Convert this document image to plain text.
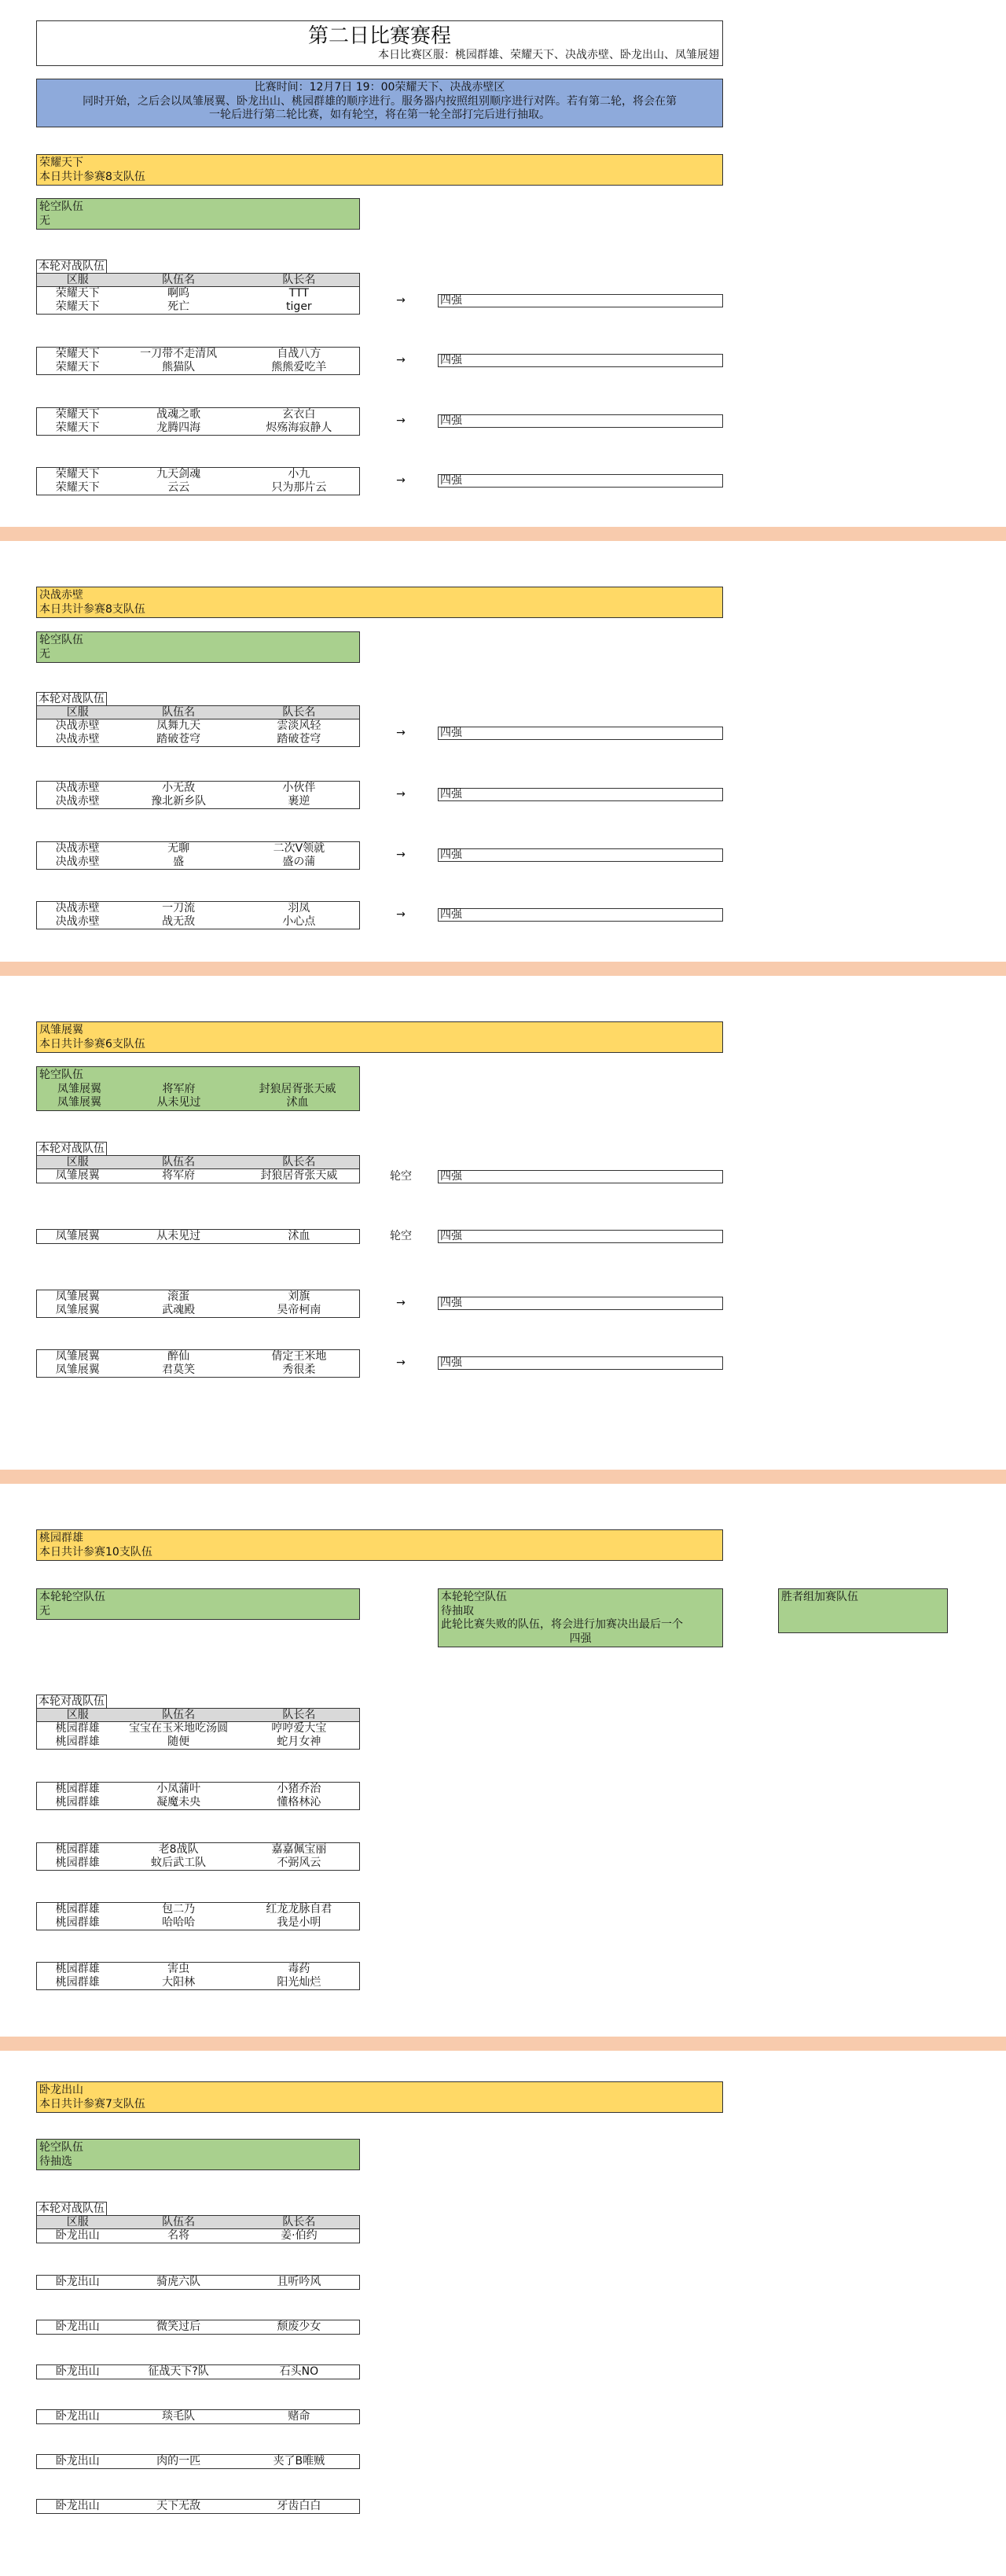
第二日比赛赛程
本日比赛区服：桃园群雄、荣耀天下、决战赤壁、卧龙出山、凤雏展翅
比赛时间：12月7日 19：00荣耀天下、决战赤壁区
同时开始，之后会以凤雏展翼、卧龙出山、桃园群雄的顺序进行。服务器内按照组别顺序进行对阵。若有第二轮，将会在第
一轮后进行第二轮比赛，如有轮空，将在第一轮全部打完后进行抽取。
荣耀天下
本日共计参赛8支队伍
轮空队伍
无
本轮对战队伍
区服	队伍名	队长名
荣耀天下	啊呜	TTT
荣耀天下	死亡	tiger	→	四强
荣耀天下	一刀带不走清风	自战八方
荣耀天下	熊猫队	熊熊爱吃羊
→	四强
荣耀天下	战魂之歌	玄衣白
荣耀天下	龙腾四海	烬殇海寂静人
→	四强
荣耀天下	九天剑魂	小九
荣耀天下	云云	只为那片云
→	四强
决战赤壁
本日共计参赛8支队伍
轮空队伍
无
本轮对战队伍
区服	队伍名	队长名
决战赤壁	凤舞九天	雲淡风轻
决战赤壁	踏破苍穹	踏破苍穹	→	四强
决战赤壁	小无敌	小伙伴
决战赤壁	豫北新乡队	裹逆
→	四强
决战赤壁	无聊	二次V领就
决战赤壁	盛	盛の蒲
→	四强
决战赤壁	一刀流	羽凤
决战赤壁	战无敌	小心点
→	四强
凤雏展翼
本日共计参赛6支队伍
轮空队伍
凤雏展翼	将军府	封狼居胥张天威
凤雏展翼	从未见过	沭血
本轮对战队伍
区服	队伍名	队长名
凤雏展翼	将军府	封狼居胥张天威	轮空	四强
凤雏展翼	从未见过	沭血	轮空	四强
凤雏展翼	滚蛋	刘旗
凤雏展翼	武魂殿	昊帝柯南
→	四强
凤雏展翼	醉仙	倩定王米地
凤雏展翼	君莫笑	秀很柔
→	四强
桃园群雄
本日共计参赛10支队伍
本轮轮空队伍
无
本轮轮空队伍
待抽取
此轮比赛失败的队伍，将会进行加赛决出最后一个
四强
胜者组加赛队伍
本轮对战队伍
区服	队伍名	队长名
桃园群雄	宝宝在玉米地吃汤圆	哼哼爱大宝
桃园群雄	随便	蛇月女神
桃园群雄	小凤蒲叶	小猪乔治
桃园群雄	凝魔未央	懂格林沁
桃园群雄	老8战队	嘉嘉佩宝丽
桃园群雄	蚊后武工队	不弼风云
桃园群雄	包二乃	红龙龙脉自君
桃园群雄	哈哈哈	我是小明
桃园群雄	害虫	毒药
桃园群雄	大阳林	阳光灿烂
卧龙出山
本日共计参赛7支队伍
轮空队伍
待抽选
本轮对战队伍
区服	队伍名	队长名
卧龙出山	名将	姜·伯约
卧龙出山	骑虎六队	且听吟风
卧龙出山	微笑过后	颓废少女
卧龙出山	征战天下?队	石头NO
卧龙出山	琰毛队	赌命
卧龙出山	肉的一匹	夹了B唯贼
卧龙出山	天下无敌	牙齿白白
